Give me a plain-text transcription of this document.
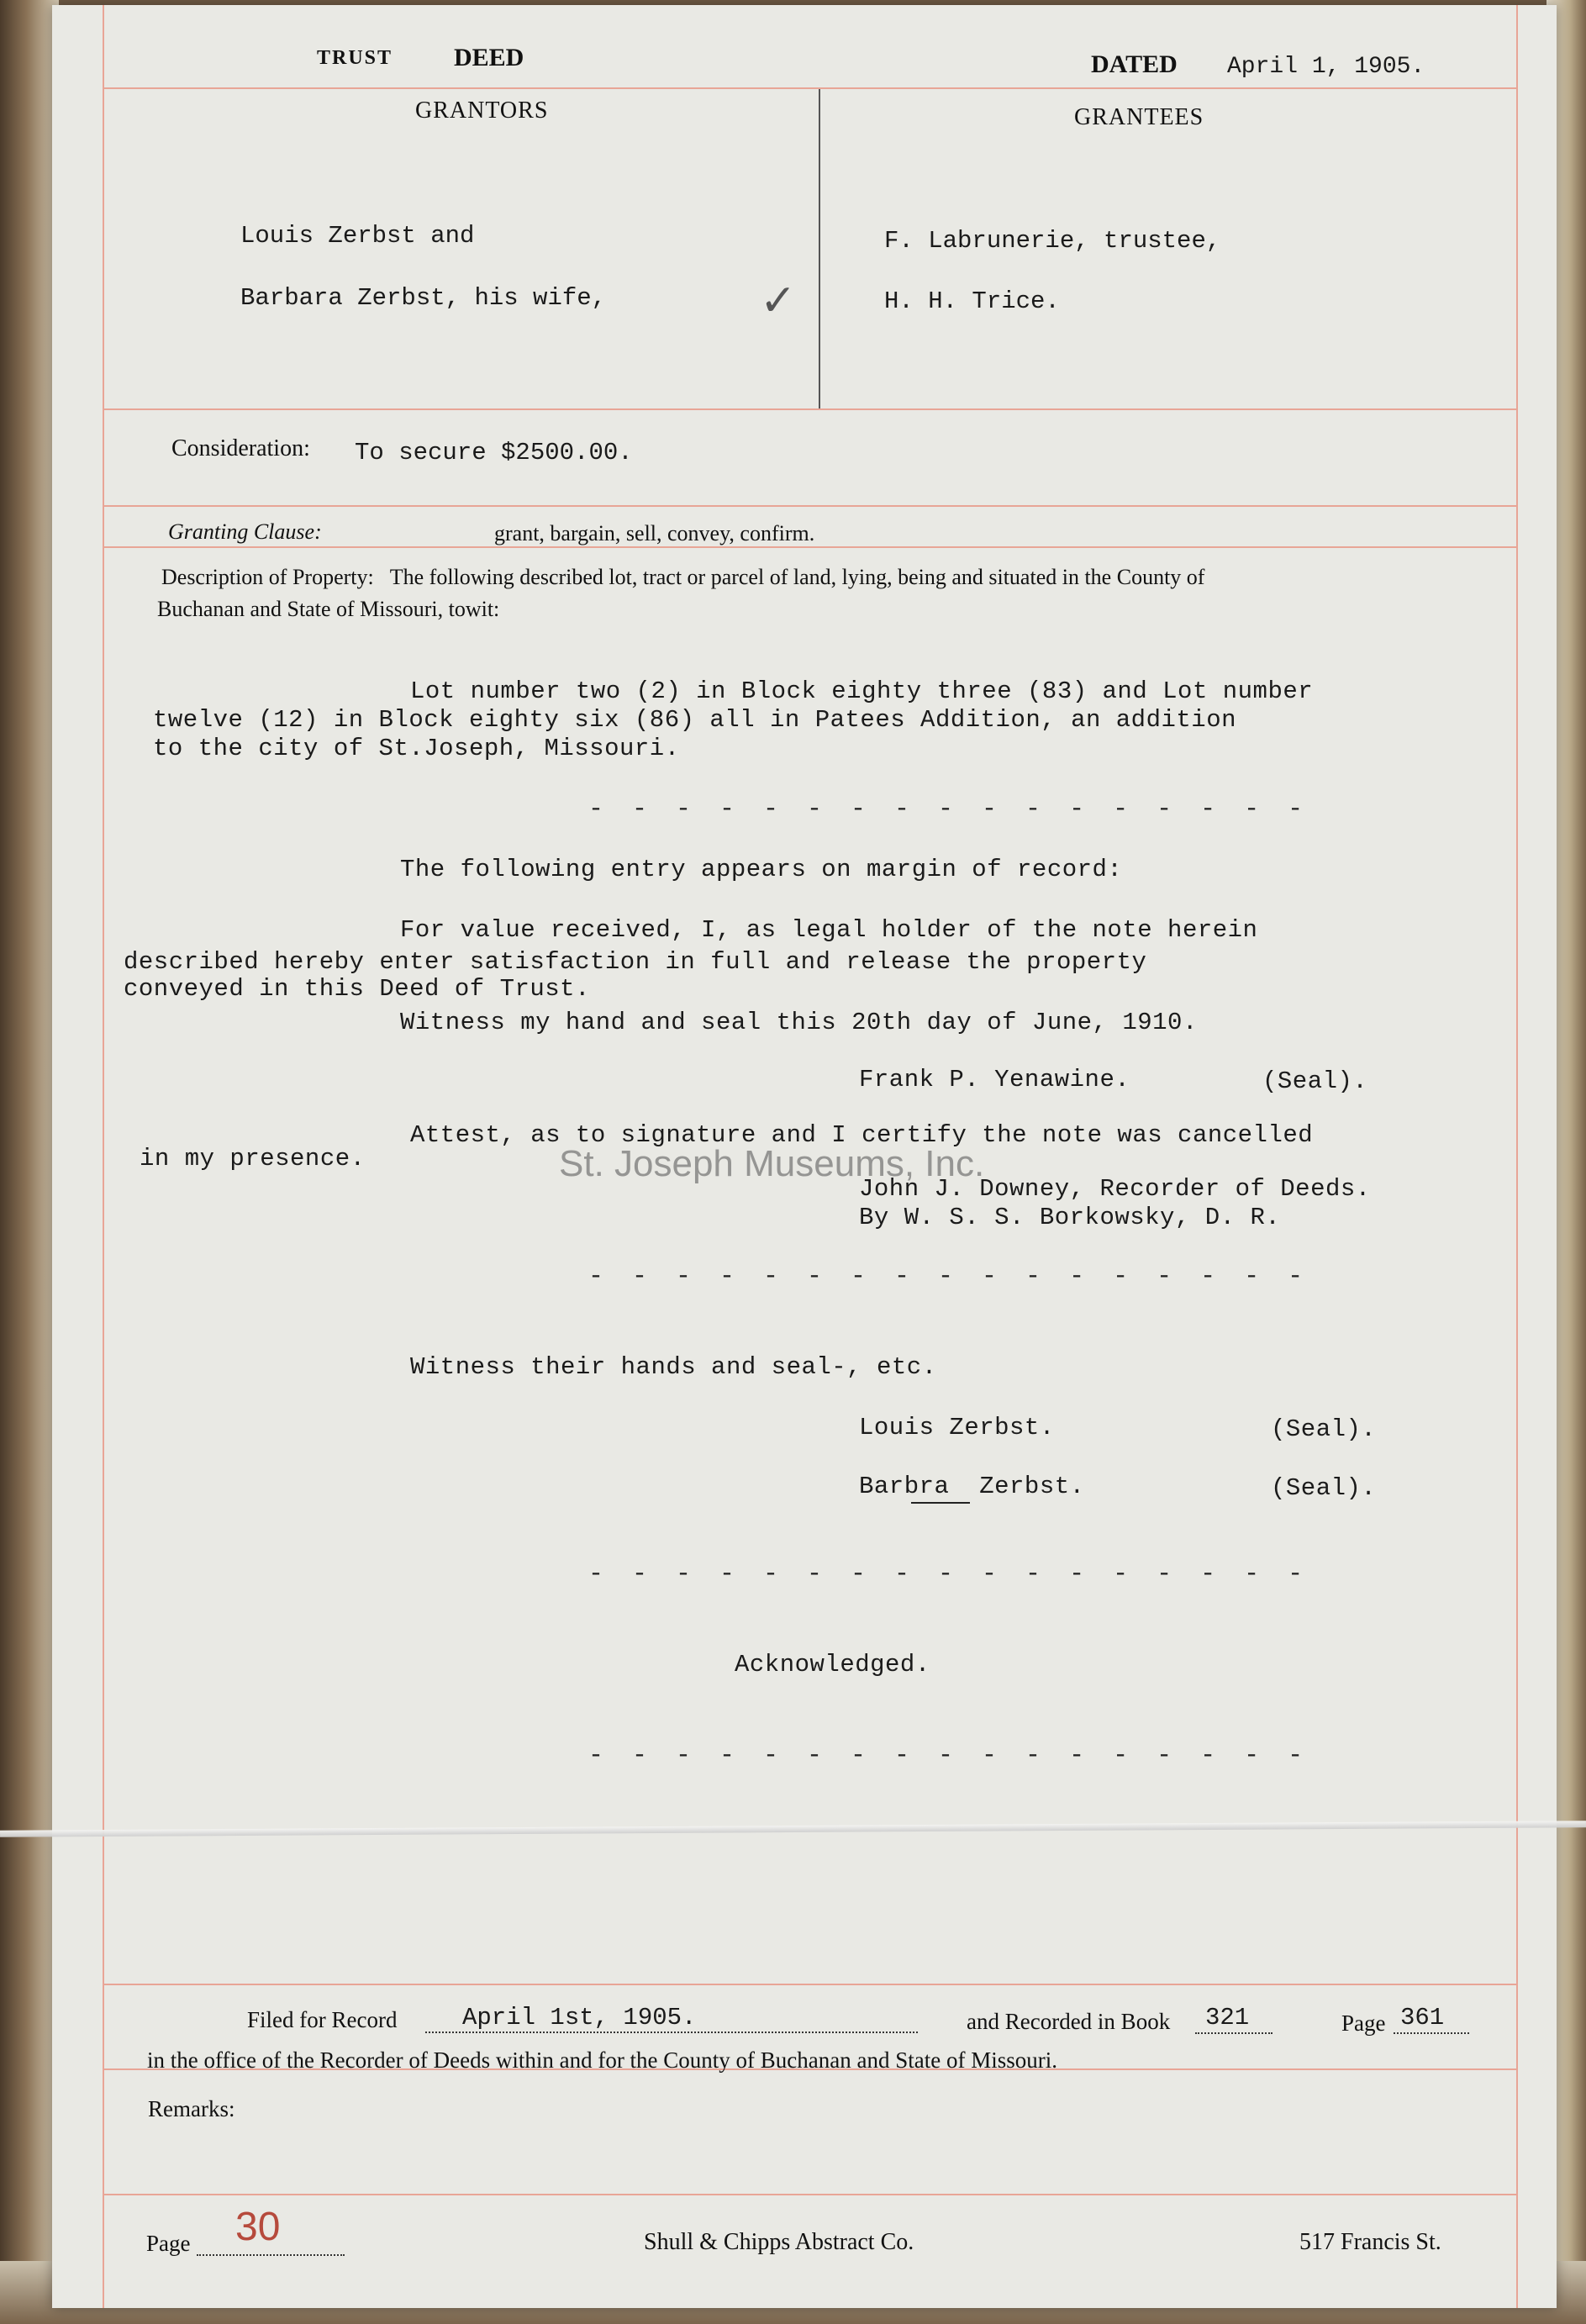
TRUST DEED	DATED April 1, 1905.
GRANTORS	GRANTEES
Louis Zerbst and
Barbara Zerbst, his wife,	✓
F. Labrunerie, trustee,
H. H. Trice.
Consideration: To secure $2500.00.
Granting Clause:	grant, bargain, sell, convey, confirm.
Description of Property:   The following described lot, tract or parcel of land, lying, being and situated in the County of
Buchanan and State of Missouri, towit:
Lot number two (2) in Block eighty three (83) and Lot number
twelve (12) in Block eighty six (86) all in Patees Addition, an addition
to the city of St.Joseph, Missouri.
- - - - - - - - - - - - - - - - -
The following entry appears on margin of record:
For value received, I, as legal holder of the note herein
described hereby enter satisfaction in full and release the property
conveyed in this Deed of Trust.
Witness my hand and seal this 20th day of June, 1910.
Frank P. Yenawine.	(Seal).
Attest, as to signature and I certify the note was cancelled
in my presence.
John J. Downey, Recorder of Deeds.
By W. S. S. Borkowsky, D. R.
- - - - - - - - - - - - - - - - -
Witness their hands and seal-, etc.
Louis Zerbst.	(Seal).
Barbra  Zerbst.	(Seal).
- - - - - - - - - - - - - - - - -
Acknowledged.
- - - - - - - - - - - - - - - - -
Filed for Record	April 1st, 1905.	and Recorded in Book 321	Page 361
in the office of the Recorder of Deeds within and for the County of Buchanan and State of Missouri.
Remarks:
Page 30	Shull & Chipps Abstract Co.	517 Francis St.
St. Joseph Museums, Inc.
